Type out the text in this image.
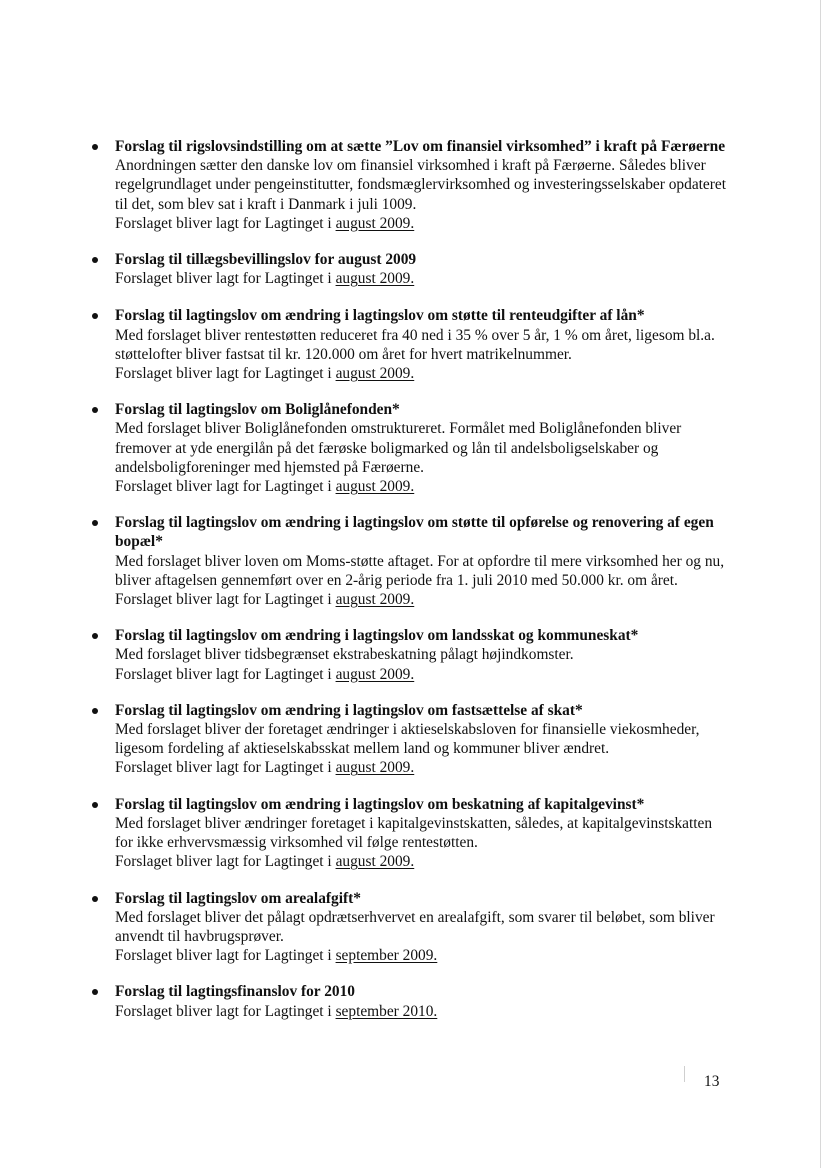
Forslag til rigslovsindstilling om at sætte ”Lov om finansiel virksomhed” i kraft på Færøerne
Anordningen sætter den danske lov om finansiel virksomhed i kraft på Færøerne. Således bliver regelgrundlaget under pengeinstitutter, fondsmæglervirksomhed og investeringsselskaber opdateret til det, som blev sat i kraft i Danmark i juli 1009.
Forslaget bliver lagt for Lagtinget i august 2009.
Forslag til tillægsbevillingslov for august 2009
Forslaget bliver lagt for Lagtinget i august 2009.
Forslag til lagtingslov om ændring i lagtingslov om støtte til renteudgifter af lån*
Med forslaget bliver rentestøtten reduceret fra 40 ned i 35 % over 5 år, 1 % om året, ligesom bl.a. støttelofter bliver fastsat til kr. 120.000 om året for hvert matrikelnummer.
Forslaget bliver lagt for Lagtinget i august 2009.
Forslag til lagtingslov om Boliglånefonden*
Med forslaget bliver Boliglånefonden omstruktureret. Formålet med Boliglånefonden bliver fremover at yde energilån på det færøske boligmarked og lån til andelsboligselskaber og andelsboligforeninger med hjemsted på Færøerne.
Forslaget bliver lagt for Lagtinget i august 2009.
Forslag til lagtingslov om ændring i lagtingslov om støtte til opførelse og renovering af egen bopæl*
Med forslaget bliver loven om Moms-støtte aftaget. For at opfordre til mere virksomhed her og nu, bliver aftagelsen gennemført over en 2-årig periode fra 1. juli 2010 med 50.000 kr. om året.
Forslaget bliver lagt for Lagtinget i august 2009.
Forslag til lagtingslov om ændring i lagtingslov om landsskat og kommuneskat*
Med forslaget bliver tidsbegrænset ekstrabeskatning pålagt højindkomster.
Forslaget bliver lagt for Lagtinget i august 2009.
Forslag til lagtingslov om ændring i lagtingslov om fastsættelse af skat*
Med forslaget bliver der foretaget ændringer i aktieselskabsloven for finansielle viekosmheder, ligesom fordeling af aktieselskabsskat mellem land og kommuner bliver ændret.
Forslaget bliver lagt for Lagtinget i august 2009.
Forslag til lagtingslov om ændring i lagtingslov om beskatning af kapitalgevinst*
Med forslaget bliver ændringer foretaget i kapitalgevinstskatten, således, at kapitalgevinstskatten for ikke erhvervsmæssig virksomhed vil følge rentestøtten.
Forslaget bliver lagt for Lagtinget i august 2009.
Forslag til lagtingslov om arealafgift*
Med forslaget bliver det pålagt opdrætserhvervet en arealafgift, som svarer til beløbet, som bliver anvendt til havbrugsprøver.
Forslaget bliver lagt for Lagtinget i september 2009.
Forslag til lagtingsfinanslov for 2010
Forslaget bliver lagt for Lagtinget i september 2010.
13
